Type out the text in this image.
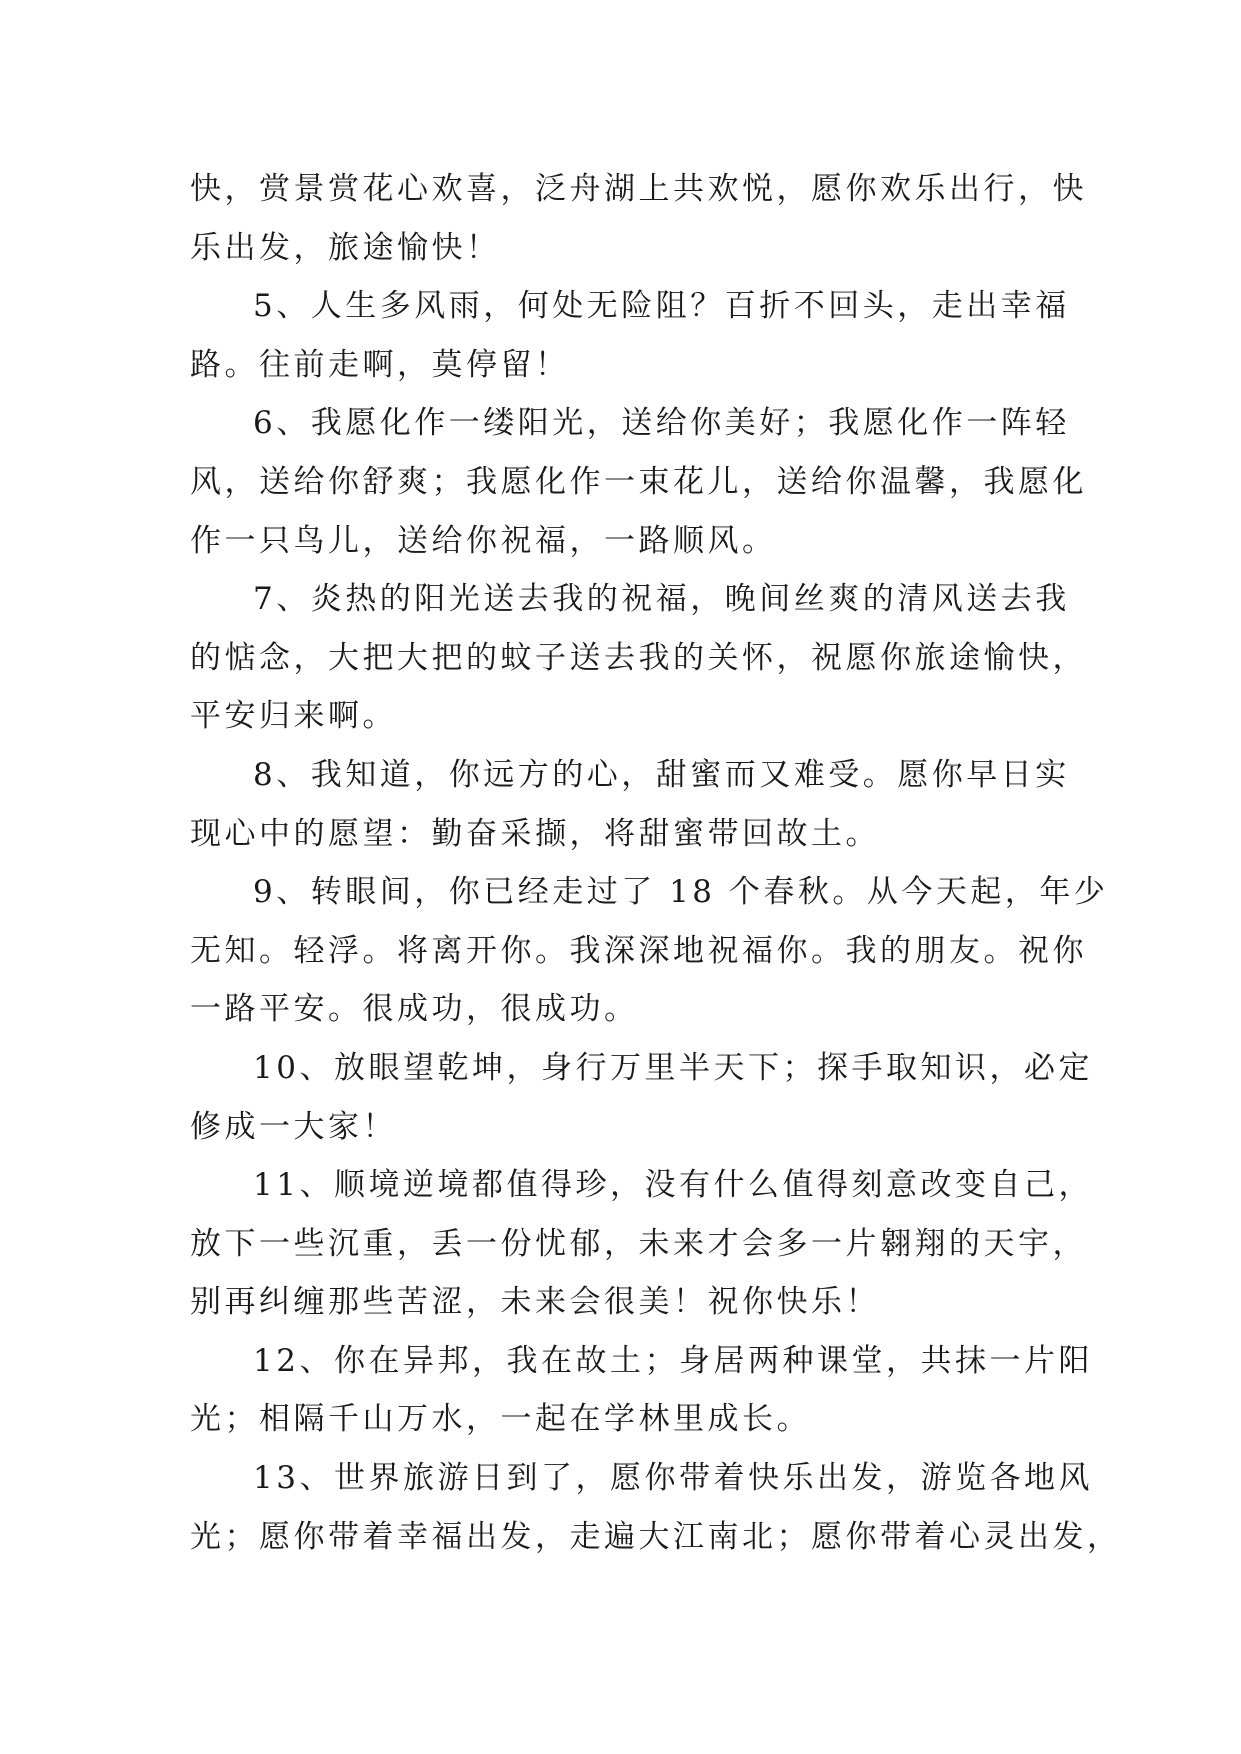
快，赏景赏花心欢喜，泛舟湖上共欢悦，愿你欢乐出行，快
乐出发，旅途愉快！
5、人生多风雨，何处无险阻？百折不回头，走出幸福
路。往前走啊，莫停留！
6、我愿化作一缕阳光，送给你美好；我愿化作一阵轻
风，送给你舒爽；我愿化作一束花儿，送给你温馨，我愿化
作一只鸟儿，送给你祝福，一路顺风。
7、炎热的阳光送去我的祝福，晚间丝爽的清风送去我
的惦念，大把大把的蚊子送去我的关怀，祝愿你旅途愉快，
平安归来啊。
8、我知道，你远方的心，甜蜜而又难受。愿你早日实
现心中的愿望：勤奋采撷，将甜蜜带回故土。
9、转眼间，你已经走过了 18 个春秋。从今天起，年少
无知。轻浮。将离开你。我深深地祝福你。我的朋友。祝你
一路平安。很成功，很成功。
10、放眼望乾坤，身行万里半天下；探手取知识，必定
修成一大家！
11、顺境逆境都值得珍，没有什么值得刻意改变自己，
放下一些沉重，丢一份忧郁，未来才会多一片翱翔的天宇，
别再纠缠那些苦涩，未来会很美！祝你快乐！
12、你在异邦，我在故土；身居两种课堂，共抹一片阳
光；相隔千山万水，一起在学林里成长。
13、世界旅游日到了，愿你带着快乐出发，游览各地风
光；愿你带着幸福出发，走遍大江南北；愿你带着心灵出发，
